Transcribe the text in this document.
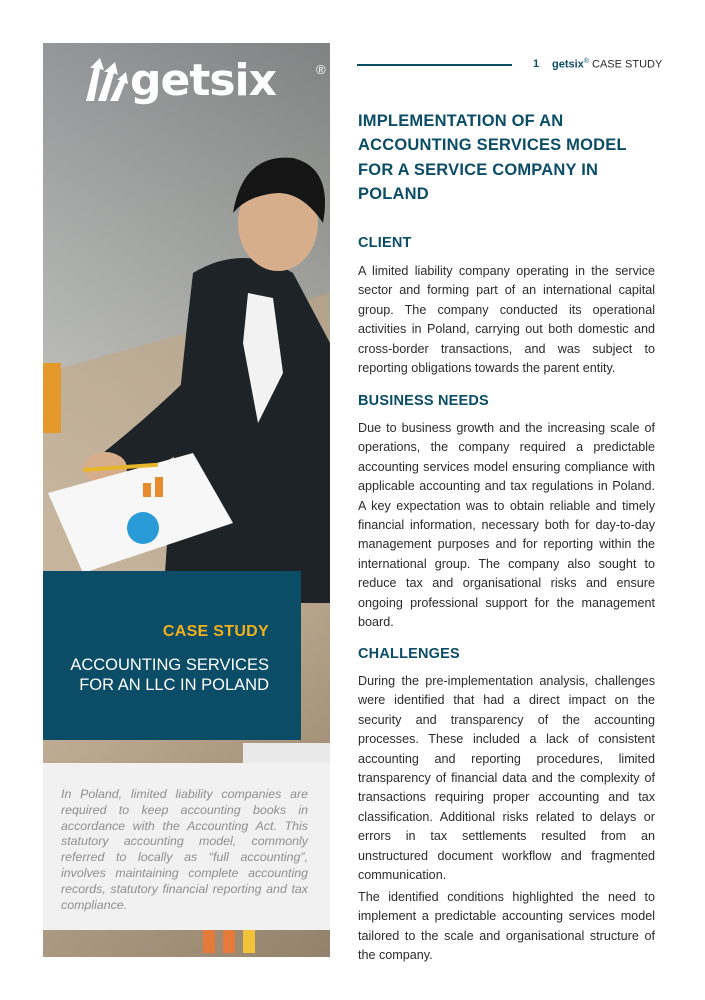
getsix	®
CASE STUDY
ACCOUNTING SERVICES
FOR AN LLC IN POLAND
In Poland, limited liability companies are required to keep accounting books in accordance with the Accounting Act. This statutory accounting model, commonly referred to locally as “full accounting”, involves maintaining complete accounting records, statutory financial reporting and tax compliance.
1 getsix® CASE STUDY
IMPLEMENTATION OF AN ACCOUNTING SERVICES MODEL FOR A SERVICE COMPANY IN POLAND
CLIENT
A limited liability company operating in the service sector and forming part of an international capital group. The company conducted its operational activities in Poland, carrying out both domestic and cross-border transactions, and was subject to reporting obligations towards the parent entity.
BUSINESS NEEDS
Due to business growth and the increasing scale of operations, the company required a predictable accounting services model ensuring compliance with applicable accounting and tax regulations in Poland. A key expectation was to obtain reliable and timely financial information, necessary both for day-to-day management purposes and for reporting within the international group. The company also sought to reduce tax and organisational risks and ensure ongoing professional support for the management board.
CHALLENGES
During the pre-implementation analysis, challenges were identified that had a direct impact on the security and transparency of the accounting processes. These included a lack of consistent accounting and reporting procedures, limited transparency of financial data and the complexity of transactions requiring proper accounting and tax classification. Additional risks related to delays or errors in tax settlements resulted from an unstructured document workflow and fragmented communication.
The identified conditions highlighted the need to implement a predictable accounting services model tailored to the scale and organisational structure of the company.
